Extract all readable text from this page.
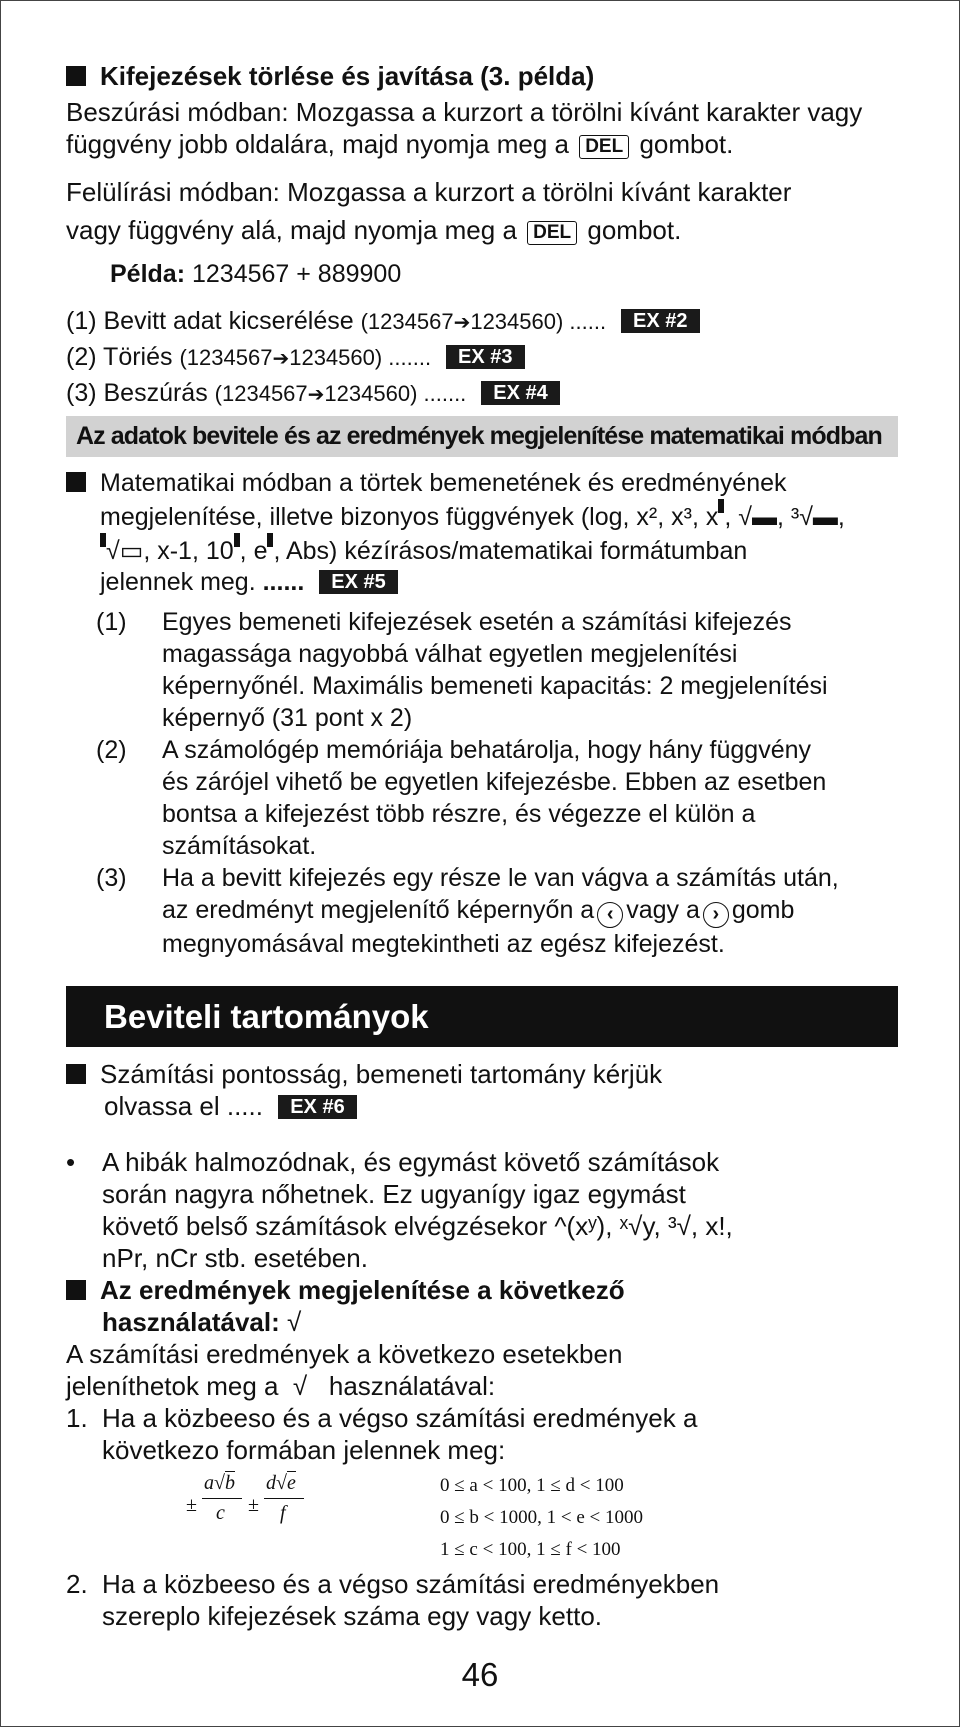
Kifejezések törlése és javítása (3. példa)
Beszúrási módban: Mozgassa a kurzort a törölni kívánt karakter vagy
függvény jobb oldalára, majd nyomja meg a DEL gombot.
Felülírási módban: Mozgassa a kurzort a törölni kívánt karakter
vagy függvény alá, majd nyomja meg a DEL gombot.
Példa: 1234567 + 889900
(1) Bevitt adat kicserélése (1234567➔1234560) ...... EX #2
(2) Töriés (1234567➔1234560) ....... EX #3
(3) Beszúrás (1234567➔1234560) ....... EX #4
Az adatok bevitele és az eredmények megjelenítése matematikai módban
Matematikai módban a törtek bemenetének és eredményének
megjelenítése, illetve bizonyos függvények (log, x², x³, x , √▬, ³√▬,
√▭, x-1, 10 , e , Abs) kézírásos/matematikai formátumban
jelennek meg. ...... EX #5
(1) Egyes bemeneti kifejezések esetén a számítási kifejezés
magassága nagyobbá válhat egyetlen megjelenítési
képernyőnél. Maximális bemeneti kapacitás: 2 megjelenítési
képernyő (31 pont x 2)
(2) A számológép memóriája behatárolja, hogy hány függvény
és zárójel vihető be egyetlen kifejezésbe. Ebben az esetben
bontsa a kifejezést több részre, és végezze el külön a
számításokat.
(3) Ha a bevitt kifejezés egy része le van vágva a számítás után,
az eredményt megjelenítő képernyőn a ‹ vagy a › gomb
megnyomásával megtekintheti az egész kifejezést.
Beviteli tartományok
Számítási pontosság, bemeneti tartomány kérjük
olvassa el ..... EX #6
• A hibák halmozódnak, és egymást követő számítások
során nagyra nőhetnek. Ez ugyanígy igaz egymást
követő belső számítások elvégzésekor ^(xʸ), ˣ√y, ³√, x!,
nPr, nCr stb. esetében.
Az eredmények megjelenítése a következő
használatával: √
A számítási eredmények a következo esetekben
jeleníthetok meg a √ használatával:
1. Ha a közbeeso és a végso számítási eredmények a
következo formában jelennek meg:
±
a√b
c ±
d√e
f
0 ≤ a < 100, 1 ≤ d < 100
0 ≤ b < 1000, 1 < e < 1000
1 ≤ c < 100, 1 ≤ f < 100
2. Ha a közbeeso és a végso számítási eredményekben
szereplo kifejezések száma egy vagy ketto.
46
